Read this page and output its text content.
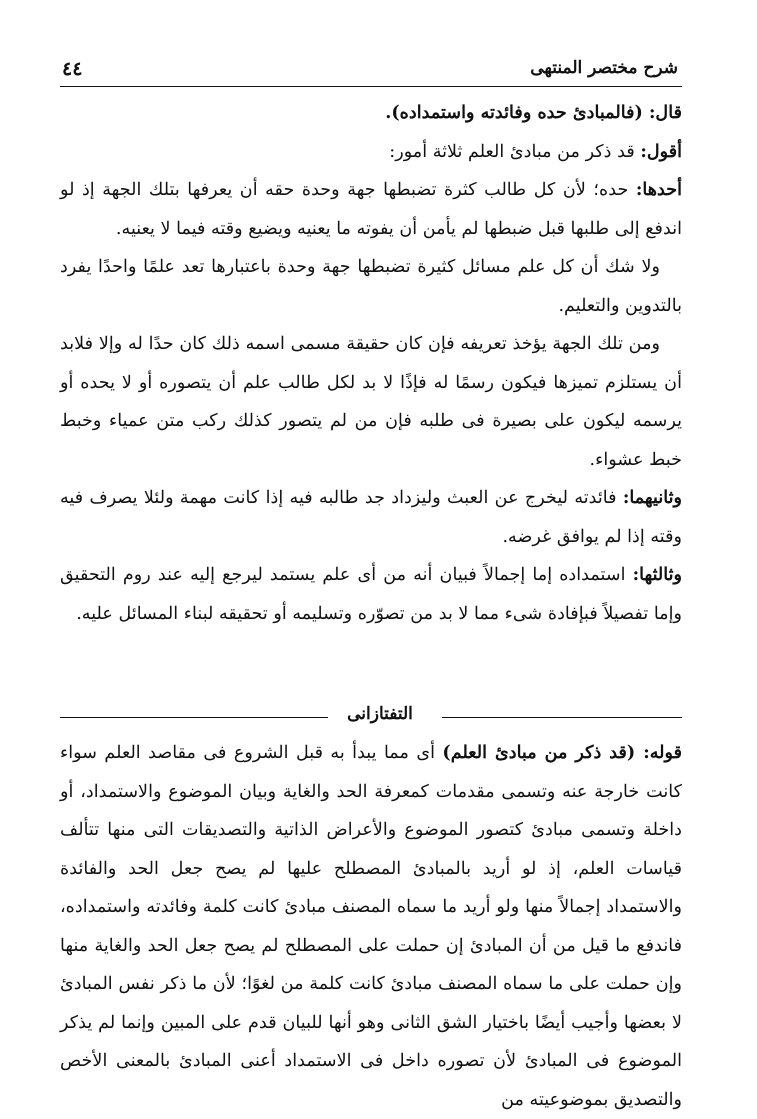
٤٤	شرح مختصر المنتهى

قال: (فالمبادئ حده وفائدته واستمداده).

أقول: قد ذكر من مبادئ العلم ثلاثة أمور:

أحدها: حده؛ لأن كل طالب كثرة تضبطها جهة وحدة حقه أن يعرفها بتلك الجهة إذ لو اندفع إلى طلبها قبل ضبطها لم يأمن أن يفوته ما يعنيه ويضيع وقته فيما لا يعنيه.

ولا شك أن كل علم مسائل كثيرة تضبطها جهة وحدة باعتبارها تعد علمًا واحدًا يفرد بالتدوين والتعليم.

ومن تلك الجهة يؤخذ تعريفه فإن كان حقيقة مسمى اسمه ذلك كان حدًا له وإلا فلابد أن يستلزم تميزها فيكون رسمًا له فإذًا لا بد لكل طالب علم أن يتصوره أو لا يحده أو يرسمه ليكون على بصيرة فى طلبه فإن من لم يتصور كذلك ركب متن عمياء وخبط خبط عشواء.

وثانيهما: فائدته ليخرج عن العبث وليزداد جد طالبه فيه إذا كانت مهمة ولئلا يصرف فيه وقته إذا لم يوافق غرضه.

وثالثها: استمداده إما إجمالاً فبيان أنه من أى علم يستمد ليرجع إليه عند روم التحقيق وإما تفصيلاً فبإفادة شىء مما لا بد من تصوّره وتسليمه أو تحقيقه لبناء المسائل عليه.

التفتازانى

قوله: (قد ذكر من مبادئ العلم) أى مما يبدأ به قبل الشروع فى مقاصد العلم سواء كانت خارجة عنه وتسمى مقدمات كمعرفة الحد والغاية وبيان الموضوع والاستمداد، أو داخلة وتسمى مبادئ كتصور الموضوع والأعراض الذاتية والتصديقات التى منها تتألف قياسات العلم، إذ لو أريد بالمبادئ المصطلح عليها لم يصح جعل الحد والفائدة والاستمداد إجمالاً منها ولو أريد ما سماه المصنف مبادئ كانت كلمة وفائدته واستمداده، فاندفع ما قيل من أن المبادئ إن حملت على المصطلح لم يصح جعل الحد والغاية منها وإن حملت على ما سماه المصنف مبادئ كانت كلمة من لغوًا؛ لأن ما ذكر نفس المبادئ لا بعضها وأجيب أيضًا باختيار الشق الثانى وهو أنها للبيان قدم على المبين وإنما لم يذكر الموضوع فى المبادئ لأن تصوره داخل فى الاستمداد أعنى المبادئ بالمعنى الأخص والتصديق بموضوعيته من
